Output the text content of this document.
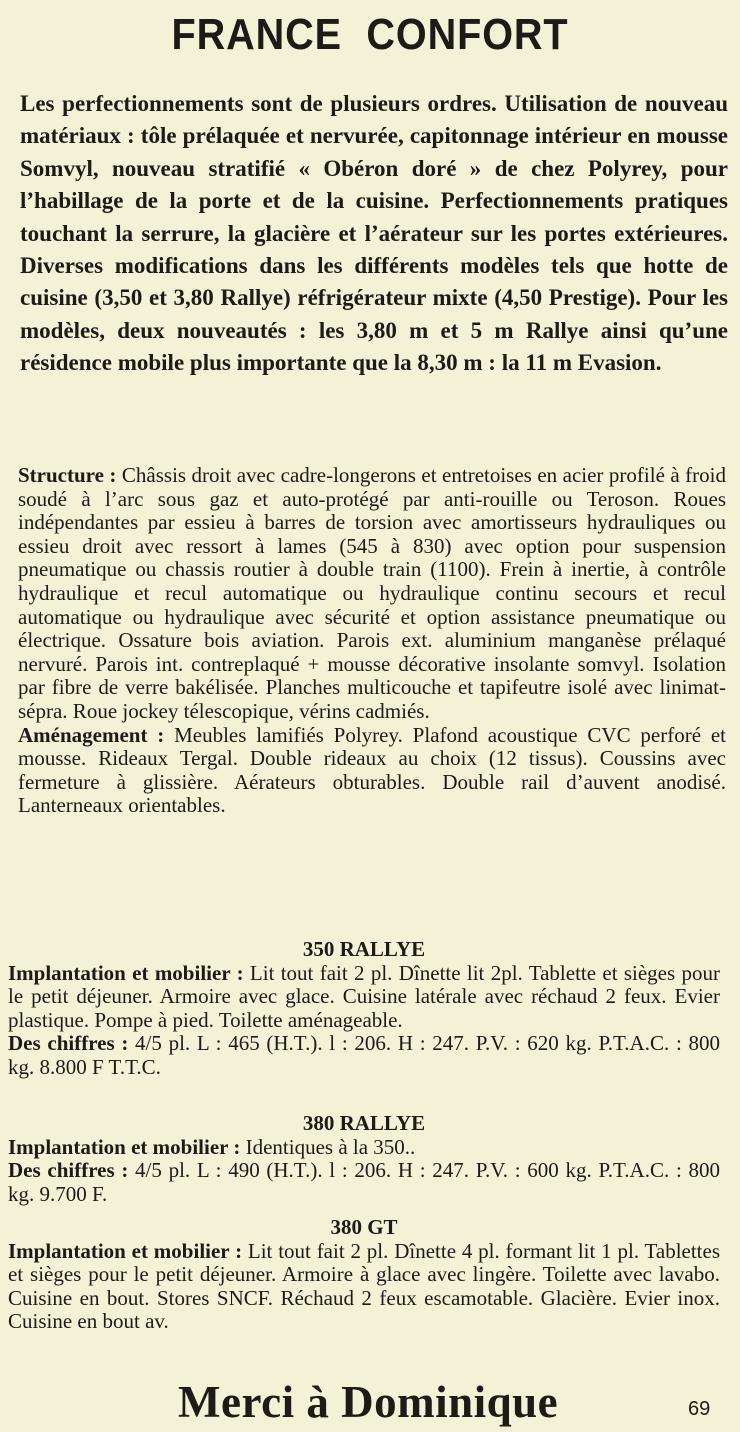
FRANCE CONFORT
Les perfectionnements sont de plusieurs ordres. Utilisation de nouveau matériaux : tôle prélaquée et nervurée, capitonnage intérieur en mousse Somvyl, nouveau stratifié « Obéron doré » de chez Polyrey, pour l’habillage de la porte et de la cuisine. Perfectionnements pratiques touchant la serrure, la glacière et l’aérateur sur les portes extérieures. Diverses modifications dans les différents modèles tels que hotte de cuisine (3,50 et 3,80 Rallye) réfrigérateur mixte (4,50 Prestige). Pour les modèles, deux nouveautés : les 3,80 m et 5 m Rallye ainsi qu’une résidence mobile plus importante que la 8,30 m : la 11 m Evasion.

Structure : Châssis droit avec cadre-longerons et entretoises en acier profilé à froid soudé à l’arc sous gaz et auto-protégé par anti-rouille ou Teroson. Roues indépendantes par essieu à barres de torsion avec amortisseurs hydrauliques ou essieu droit avec ressort à lames (545 à 830) avec option pour suspension pneumatique ou chassis routier à double train (1100). Frein à inertie, à contrôle hydraulique et recul automatique ou hydraulique continu secours et recul automatique ou hydraulique avec sécurité et option assistance pneumatique ou électrique. Ossature bois aviation. Parois ext. aluminium manganèse prélaqué nervuré. Parois int. contreplaqué + mousse décorative insolante somvyl. Isolation par fibre de verre bakélisée. Planches multicouche et tapifeutre isolé avec linimat-sépra. Roue jockey télescopique, vérins cadmiés.

Aménagement : Meubles lamifiés Polyrey. Plafond acoustique CVC perforé et mousse. Rideaux Tergal. Double rideaux au choix (12 tissus). Coussins avec fermeture à glissière. Aérateurs obturables. Double rail d’auvent anodisé. Lanterneaux orientables.

350 RALLYE

Implantation et mobilier : Lit tout fait 2 pl. Dînette lit 2pl. Tablette et sièges pour le petit déjeuner. Armoire avec glace. Cuisine latérale avec réchaud 2 feux. Evier plastique. Pompe à pied. Toilette aménageable.

Des chiffres : 4/5 pl. L : 465 (H.T.). l : 206. H : 247. P.V. : 620 kg. P.T.A.C. : 800 kg. 8.800 F T.T.C.

380 RALLYE

Implantation et mobilier : Identiques à la 350..

Des chiffres : 4/5 pl. L : 490 (H.T.). l : 206. H : 247. P.V. : 600 kg. P.T.A.C. : 800 kg. 9.700 F.

380 GT

Implantation et mobilier : Lit tout fait 2 pl. Dînette 4 pl. formant lit 1 pl. Tablettes et sièges pour le petit déjeuner. Armoire à glace avec lingère. Toilette avec lavabo. Cuisine en bout. Stores SNCF. Réchaud 2 feux escamotable. Glacière. Evier inox. Cuisine en bout av.

Merci à Dominique	69
